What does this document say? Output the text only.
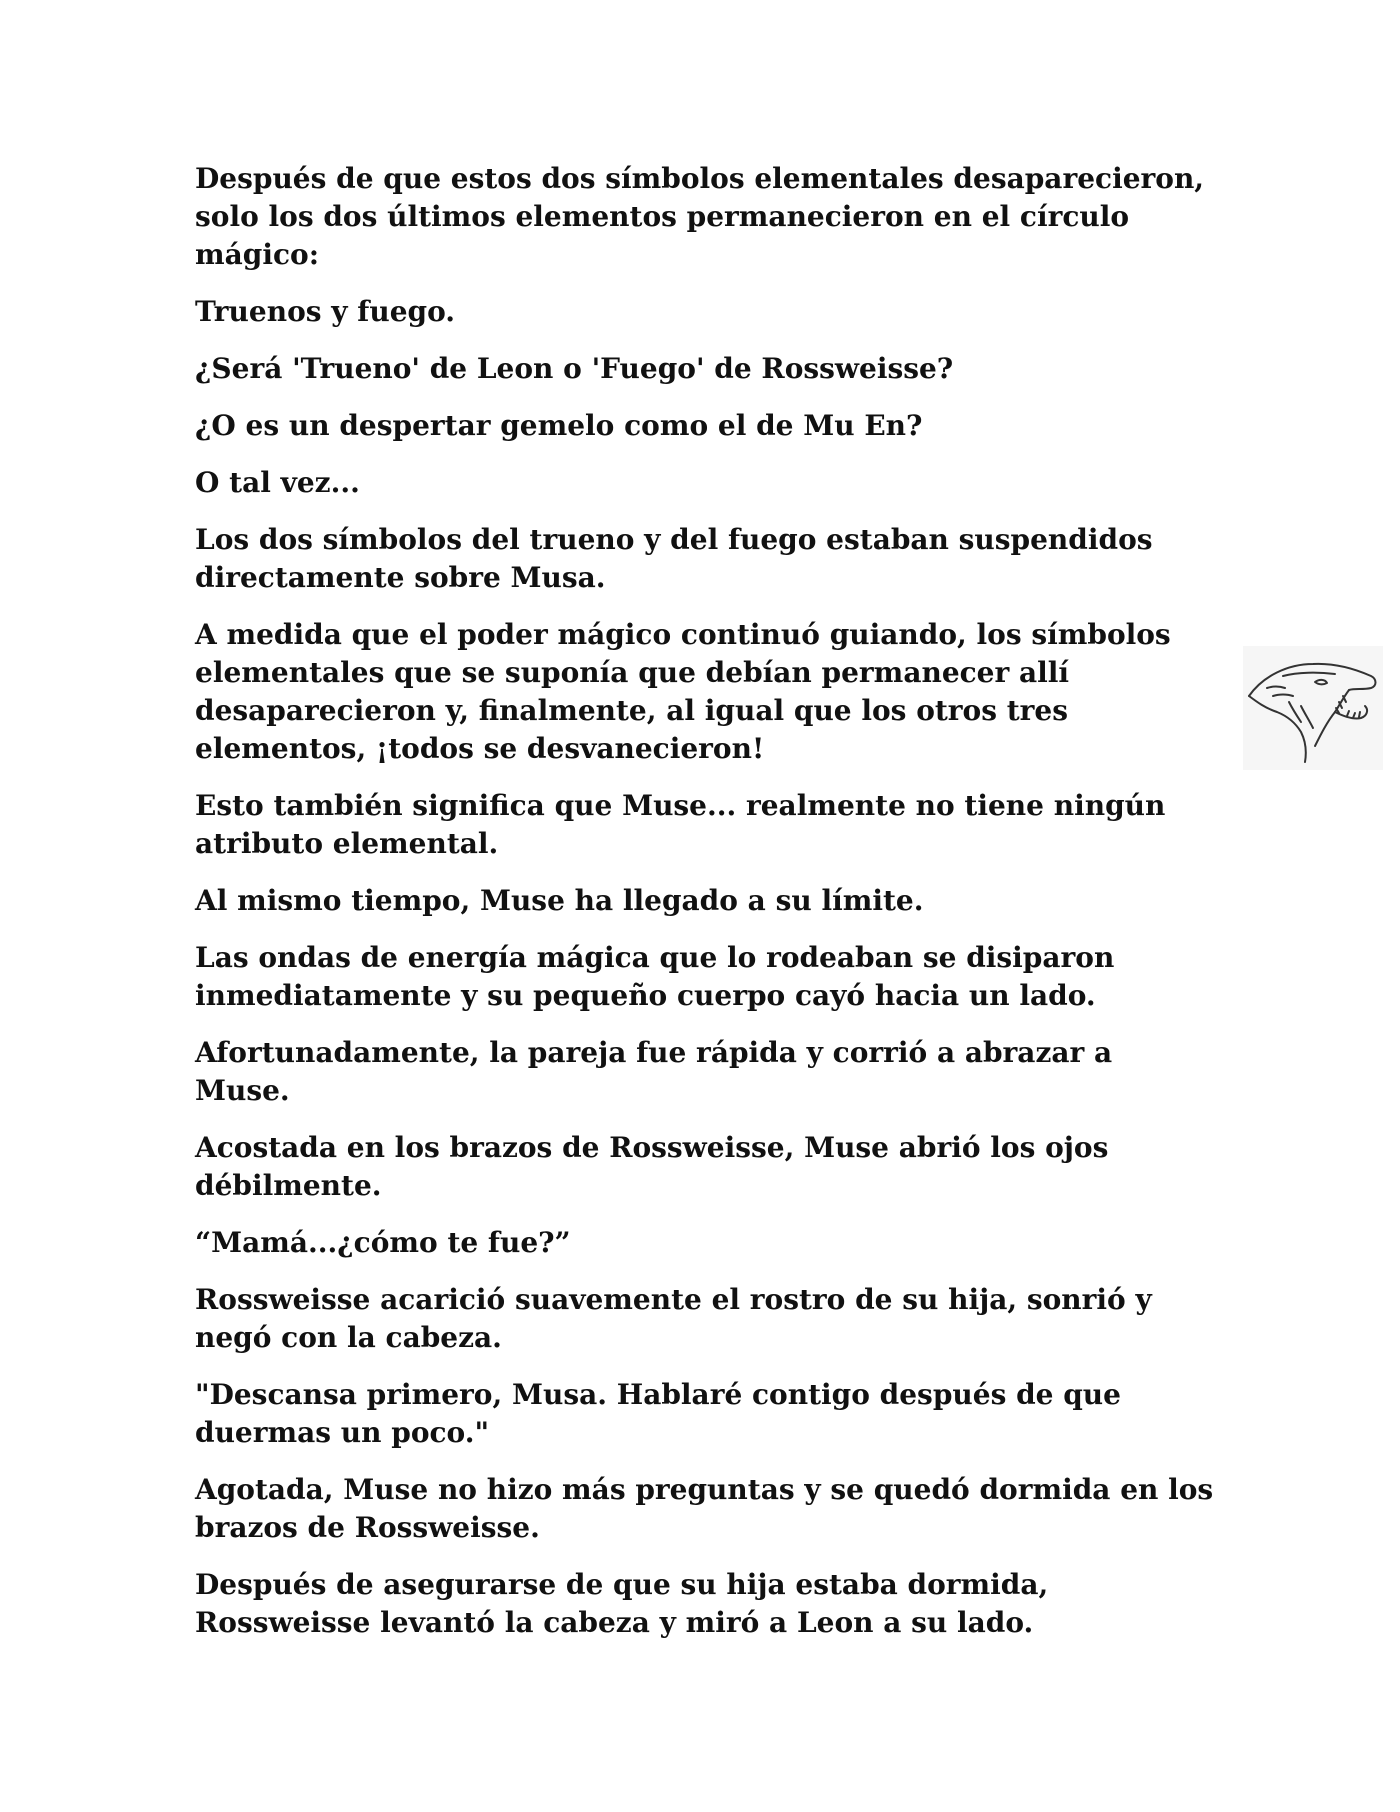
Después de que estos dos símbolos elementales desaparecieron, solo los dos últimos elementos permanecieron en el círculo mágico:

Truenos y fuego.

¿Será 'Trueno' de Leon o 'Fuego' de Rossweisse?

¿O es un despertar gemelo como el de Mu En?

O tal vez...

Los dos símbolos del trueno y del fuego estaban suspendidos directamente sobre Musa.

A medida que el poder mágico continuó guiando, los símbolos elementales que se suponía que debían permanecer allí desaparecieron y, finalmente, al igual que los otros tres elementos, ¡todos se desvanecieron!

Esto también significa que Muse... realmente no tiene ningún atributo elemental.

Al mismo tiempo, Muse ha llegado a su límite.

Las ondas de energía mágica que lo rodeaban se disiparon inmediatamente y su pequeño cuerpo cayó hacia un lado.

Afortunadamente, la pareja fue rápida y corrió a abrazar a Muse.

Acostada en los brazos de Rossweisse, Muse abrió los ojos débilmente.

“Mamá...¿cómo te fue?”

Rossweisse acarició suavemente el rostro de su hija, sonrió y negó con la cabeza.

"Descansa primero, Musa. Hablaré contigo después de que duermas un poco."

Agotada, Muse no hizo más preguntas y se quedó dormida en los brazos de Rossweisse.

Después de asegurarse de que su hija estaba dormida, Rossweisse levantó la cabeza y miró a Leon a su lado.
